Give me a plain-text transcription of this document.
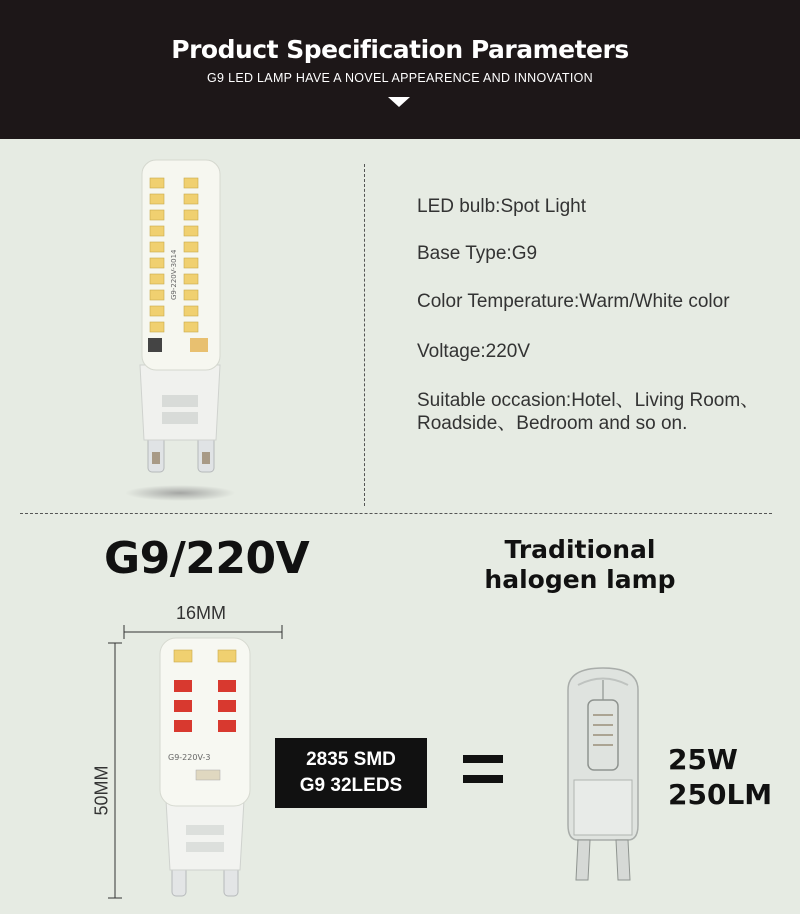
Product Specification Parameters
G9 LED LAMP HAVE A NOVEL APPEARENCE AND INNOVATION
G9-220V-3014
LED bulb:Spot Light
Base Type:G9
Color Temperature:Warm/White color
Voltage:220V
Suitable occasion:Hotel、Living Room、Roadside、Bedroom and so on.
G9/220V	Traditional
halogen lamp
16MM
50MM
G9-220V-3	2835 SMD
G9 32LEDS
25W
250LM
